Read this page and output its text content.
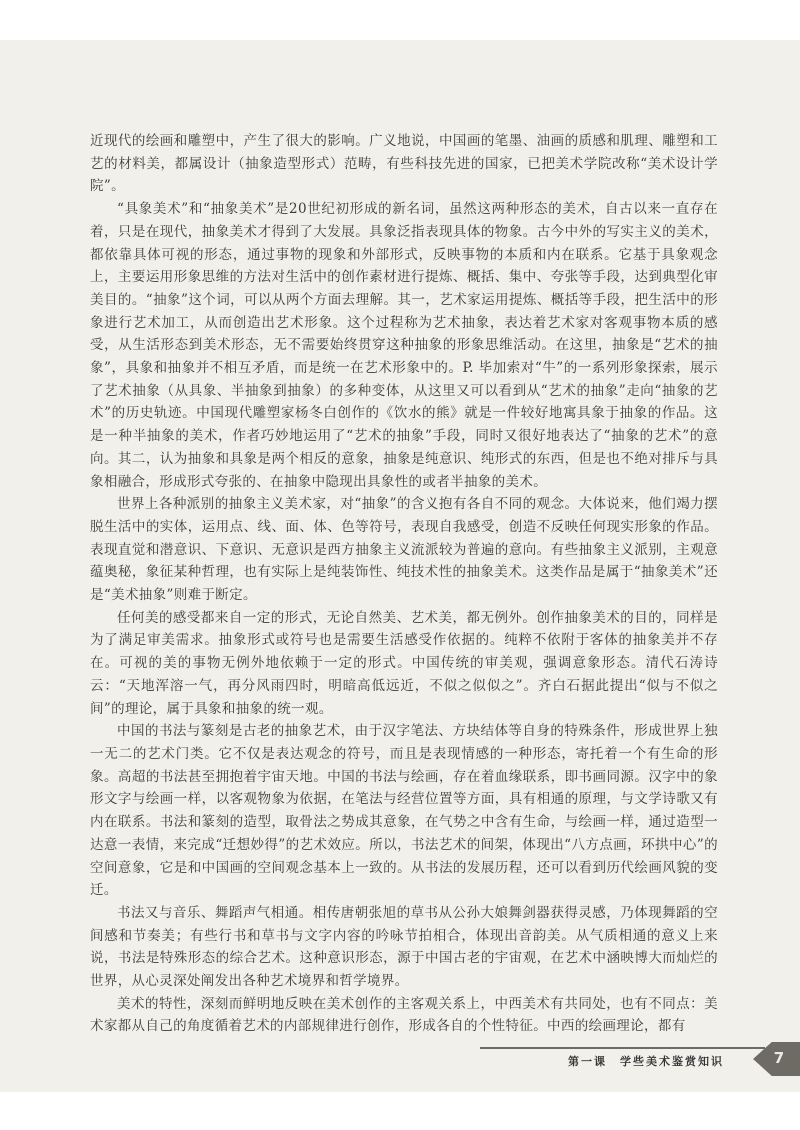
近现代的绘画和雕塑中，产生了很大的影响。广义地说，中国画的笔墨、油画的质感和肌理、雕塑和工艺的材料美，都属设计（抽象造型形式）范畴，有些科技先进的国家，已把美术学院改称“美术设计学院”。

“具象美术”和“抽象美术”是20世纪初形成的新名词，虽然这两种形态的美术，自古以来一直存在着，只是在现代，抽象美术才得到了大发展。具象泛指表现具体的物象。古今中外的写实主义的美术，都依靠具体可视的形态，通过事物的现象和外部形式，反映事物的本质和内在联系。它基于具象观念上，主要运用形象思维的方法对生活中的创作素材进行提炼、概括、集中、夸张等手段，达到典型化审美目的。“抽象”这个词，可以从两个方面去理解。其一，艺术家运用提炼、概括等手段，把生活中的形象进行艺术加工，从而创造出艺术形象。这个过程称为艺术抽象，表达着艺术家对客观事物本质的感受，从生活形态到美术形态，无不需要始终贯穿这种抽象的形象思维活动。在这里，抽象是“艺术的抽象”，具象和抽象并不相互矛盾，而是统一在艺术形象中的。P. 毕加索对“牛”的一系列形象探索，展示了艺术抽象（从具象、半抽象到抽象）的多种变体，从这里又可以看到从“艺术的抽象”走向“抽象的艺术”的历史轨迹。中国现代雕塑家杨冬白创作的《饮水的熊》就是一件较好地寓具象于抽象的作品。这是一种半抽象的美术，作者巧妙地运用了“艺术的抽象”手段，同时又很好地表达了“抽象的艺术”的意向。其二，认为抽象和具象是两个相反的意象，抽象是纯意识、纯形式的东西，但是也不绝对排斥与具象相融合，形成形式夸张的、在抽象中隐现出具象性的或者半抽象的美术。

世界上各种派别的抽象主义美术家，对“抽象”的含义抱有各自不同的观念。大体说来，他们竭力摆脱生活中的实体，运用点、线、面、体、色等符号，表现自我感受，创造不反映任何现实形象的作品。表现直觉和潜意识、下意识、无意识是西方抽象主义流派较为普遍的意向。有些抽象主义派别，主观意蕴奥秘，象征某种哲理，也有实际上是纯装饰性、纯技术性的抽象美术。这类作品是属于“抽象美术”还是“美术抽象”则难于断定。

任何美的感受都来自一定的形式，无论自然美、艺术美，都无例外。创作抽象美术的目的，同样是为了满足审美需求。抽象形式或符号也是需要生活感受作依据的。纯粹不依附于客体的抽象美并不存在。可视的美的事物无例外地依赖于一定的形式。中国传统的审美观，强调意象形态。清代石涛诗云：“天地浑溶一气，再分风雨四时，明暗高低远近，不似之似似之”。齐白石据此提出“似与不似之间”的理论，属于具象和抽象的统一观。

中国的书法与篆刻是古老的抽象艺术，由于汉字笔法、方块结体等自身的特殊条件，形成世界上独一无二的艺术门类。它不仅是表达观念的符号，而且是表现情感的一种形态，寄托着一个有生命的形象。高超的书法甚至拥抱着宇宙天地。中国的书法与绘画，存在着血缘联系，即书画同源。汉字中的象形文字与绘画一样，以客观物象为依据，在笔法与经营位置等方面，具有相通的原理，与文学诗歌又有内在联系。书法和篆刻的造型，取骨法之势成其意象，在气势之中含有生命，与绘画一样，通过造型一达意一表情，来完成“迁想妙得”的艺术效应。所以，书法艺术的间架，体现出“八方点画，环拱中心”的空间意象，它是和中国画的空间观念基本上一致的。从书法的发展历程，还可以看到历代绘画风貌的变迁。

书法又与音乐、舞蹈声气相通。相传唐朝张旭的草书从公孙大娘舞剑器获得灵感，乃体现舞蹈的空间感和节奏美；有些行书和草书与文字内容的吟咏节拍相合，体现出音韵美。从气质相通的意义上来说，书法是特殊形态的综合艺术。这种意识形态，源于中国古老的宇宙观，在艺术中涵映博大而灿烂的世界，从心灵深处阐发出各种艺术境界和哲学境界。

美术的特性，深刻而鲜明地反映在美术创作的主客观关系上，中西美术有共同处，也有不同点：美术家都从自己的角度循着艺术的内部规律进行创作，形成各自的个性特征。中西的绘画理论，都有

第一课　学些美术鉴赏知识	7
